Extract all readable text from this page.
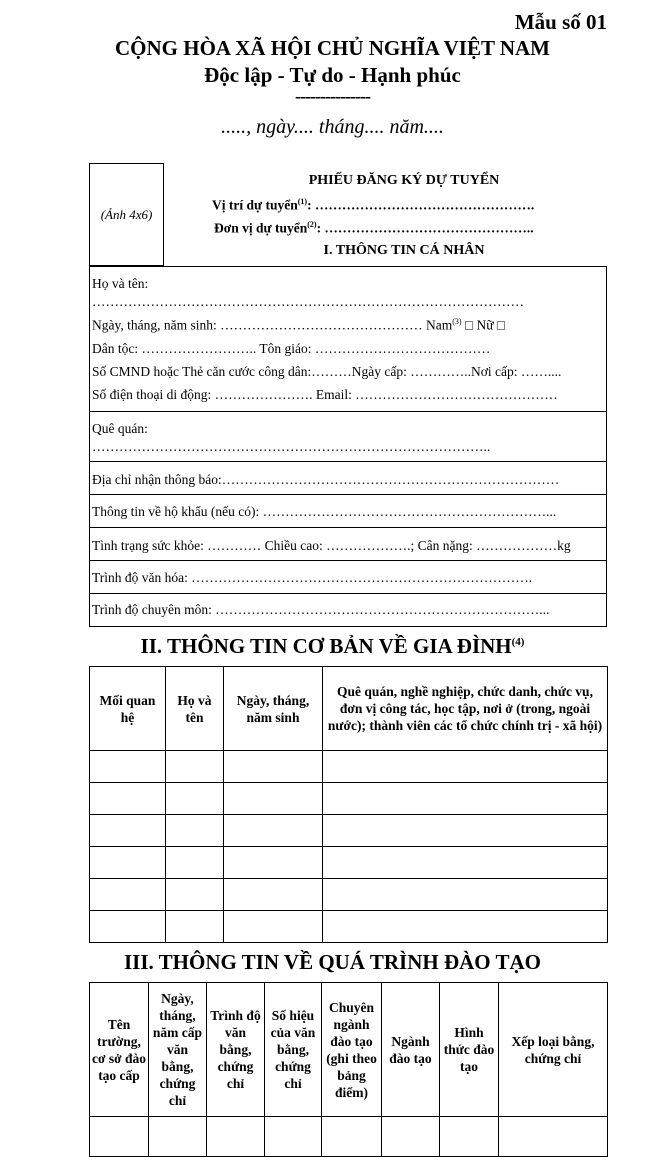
Mẫu số 01
CỘNG HÒA XÃ HỘI CHỦ NGHĨA VIỆT NAM
Độc lập - Tự do - Hạnh phúc
---------------
....., ngày.... tháng.... năm....
(Ảnh 4x6)
PHIẾU ĐĂNG KÝ DỰ TUYỂN
Vị trí dự tuyển$^{(1)}$: ………………………………………….
Đơn vị dự tuyển$^{(2)}$: ………………………………………..
I. THÔNG TIN CÁ NHÂN
Họ và tên:
……………………………………………………………………………………
Ngày, tháng, năm sinh: ……………………………………… Nam$^{(3)}$ □ Nữ □
Dân tộc: …………………….. Tôn giáo: …………………………………
Số CMND hoặc Thẻ căn cước công dân:………Ngày cấp: …………..Nơi cấp: ……....
Số điện thoại di động: …………………. Email: ………………………………………
Quê quán:
……………………………………………………………………………..
Địa chỉ nhận thông báo:…………………………………………………………………
Thông tin về hộ khẩu (nếu có): ………………………………………………………...
Tình trạng sức khỏe: ………… Chiều cao: ……………….; Cân nặng: ………………kg
Trình độ văn hóa: ………………………………………………………………….
Trình độ chuyên môn: ………………………………………………………………...
II. THÔNG TIN CƠ BẢN VỀ GIA ĐÌNH$^{(4)}$
Mối quan hệ	Họ và tên	Ngày, tháng, năm sinh	Quê quán, nghề nghiệp, chức danh, chức vụ, đơn vị công tác, học tập, nơi ở (trong, ngoài nước); thành viên các tổ chức chính trị - xã hội)

III. THÔNG TIN VỀ QUÁ TRÌNH ĐÀO TẠO
Tên trường, cơ sở đào tạo cấp	Ngày, tháng, năm cấp văn bằng, chứng chỉ	Trình độ văn bằng, chứng chỉ	Số hiệu của văn bằng, chứng chỉ	Chuyên ngành đào tạo (ghi theo bảng điểm)	Ngành đào tạo	Hình thức đào tạo	Xếp loại bằng, chứng chỉ
